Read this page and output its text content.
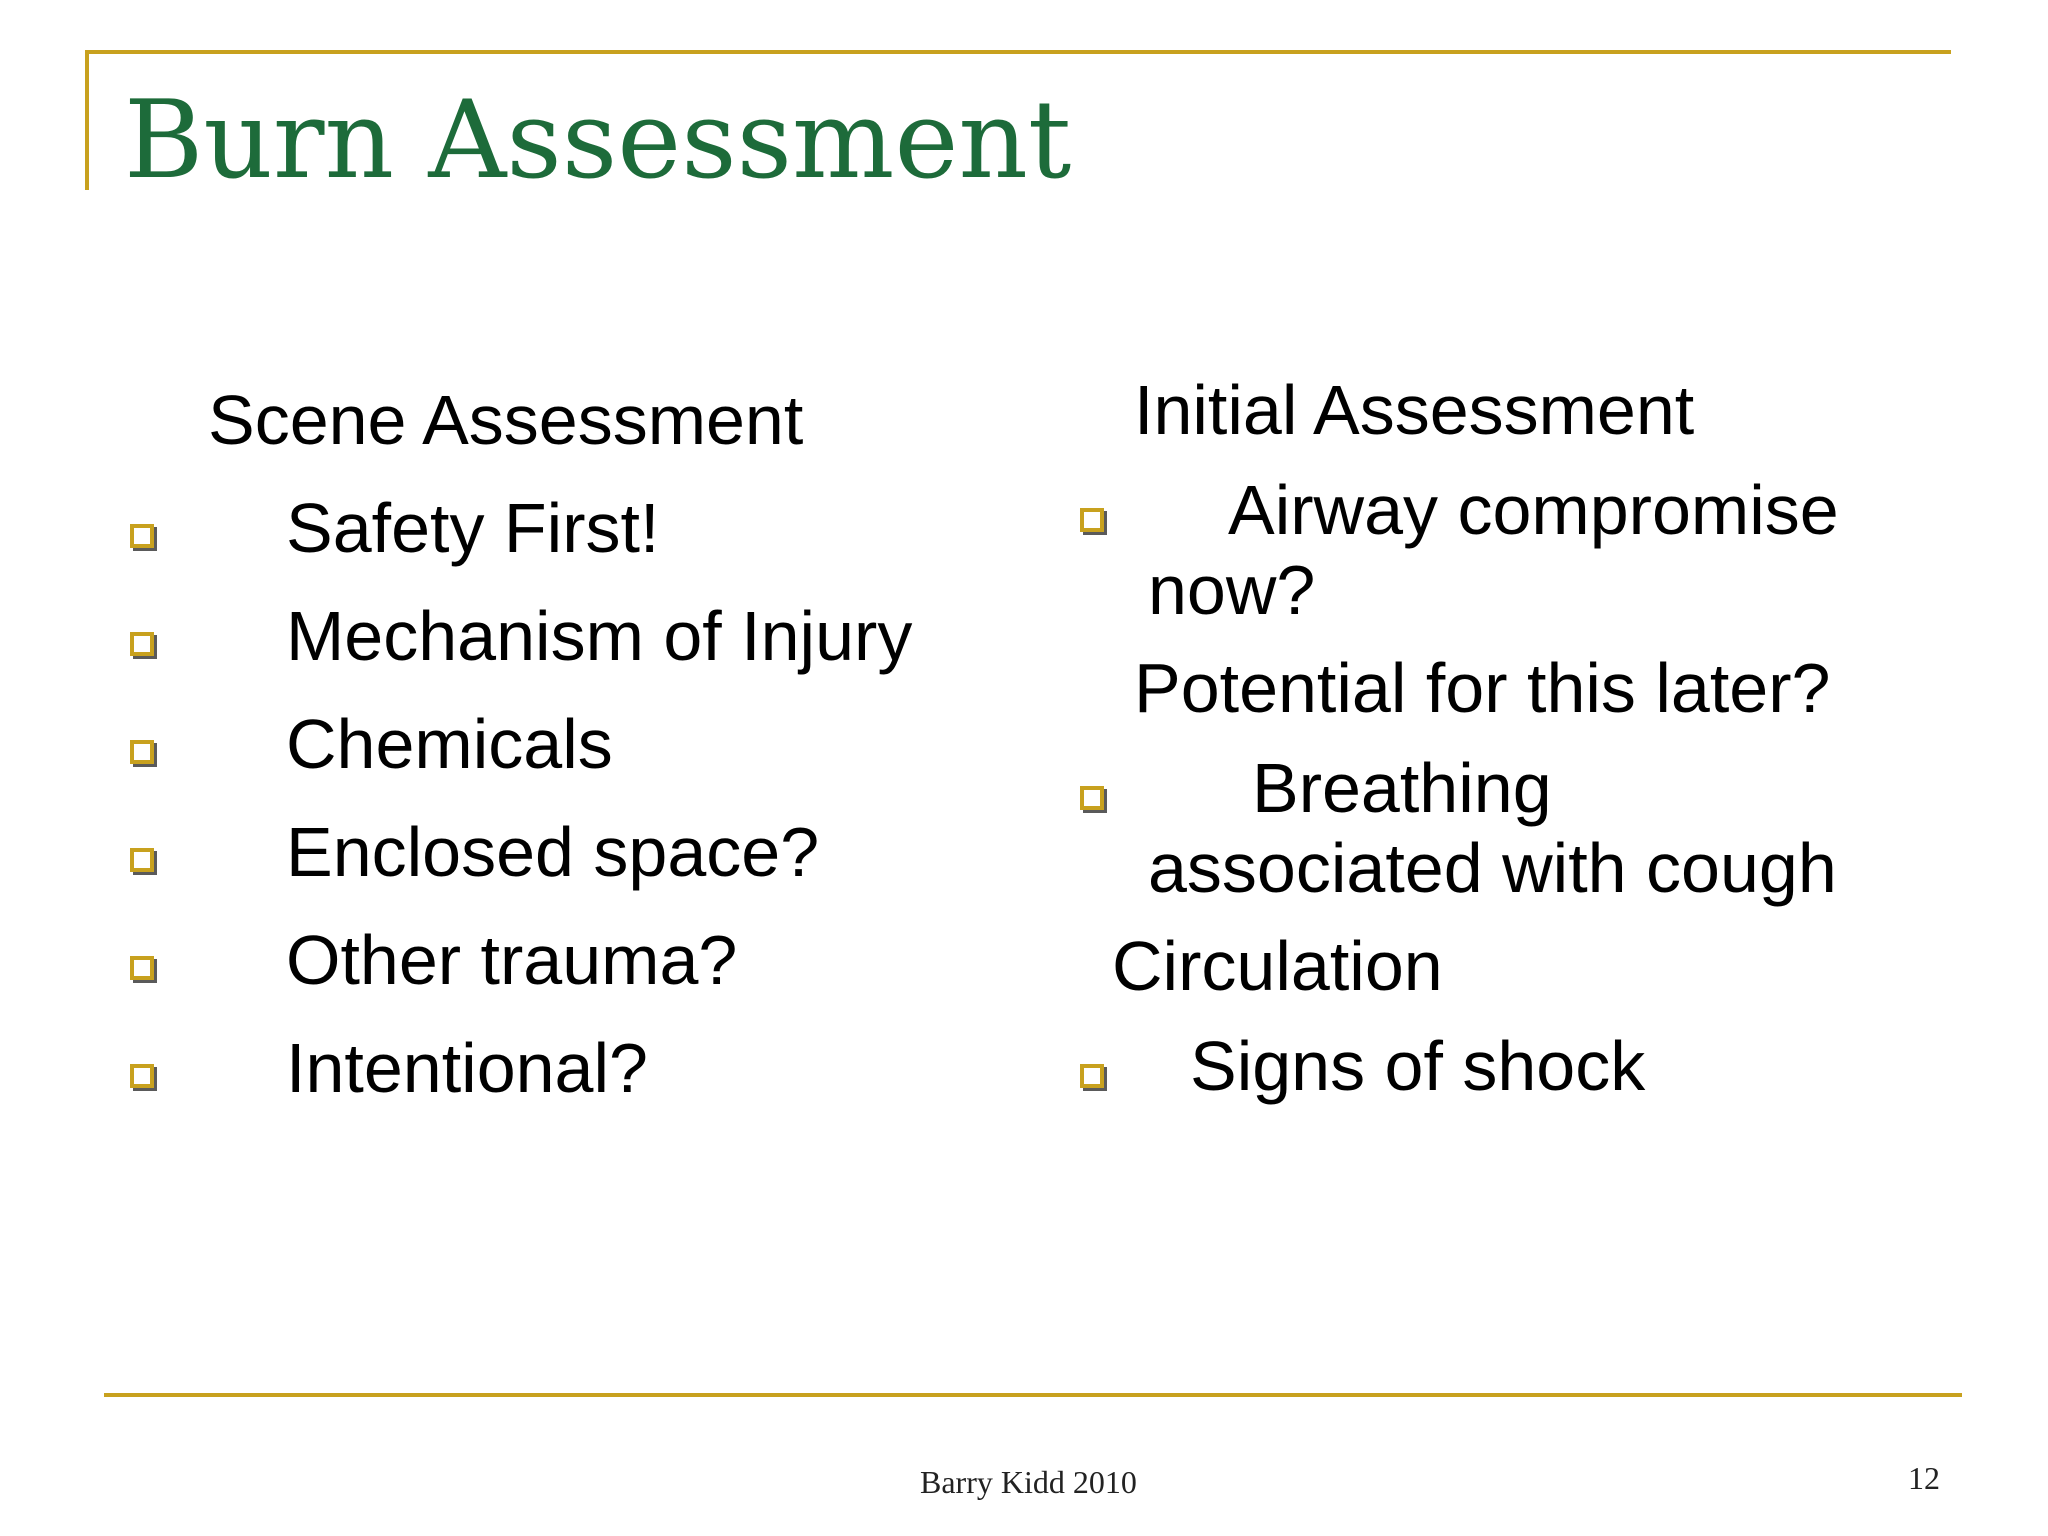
Burn Assessment
Scene Assessment
Safety First!
Mechanism of Injury
Chemicals
Enclosed space?
Other trauma?
Intentional?
Initial Assessment
Airway compromise
now?
Potential for this later?
Breathing
associated with cough
Circulation
Signs of shock
Barry Kidd 2010	12
